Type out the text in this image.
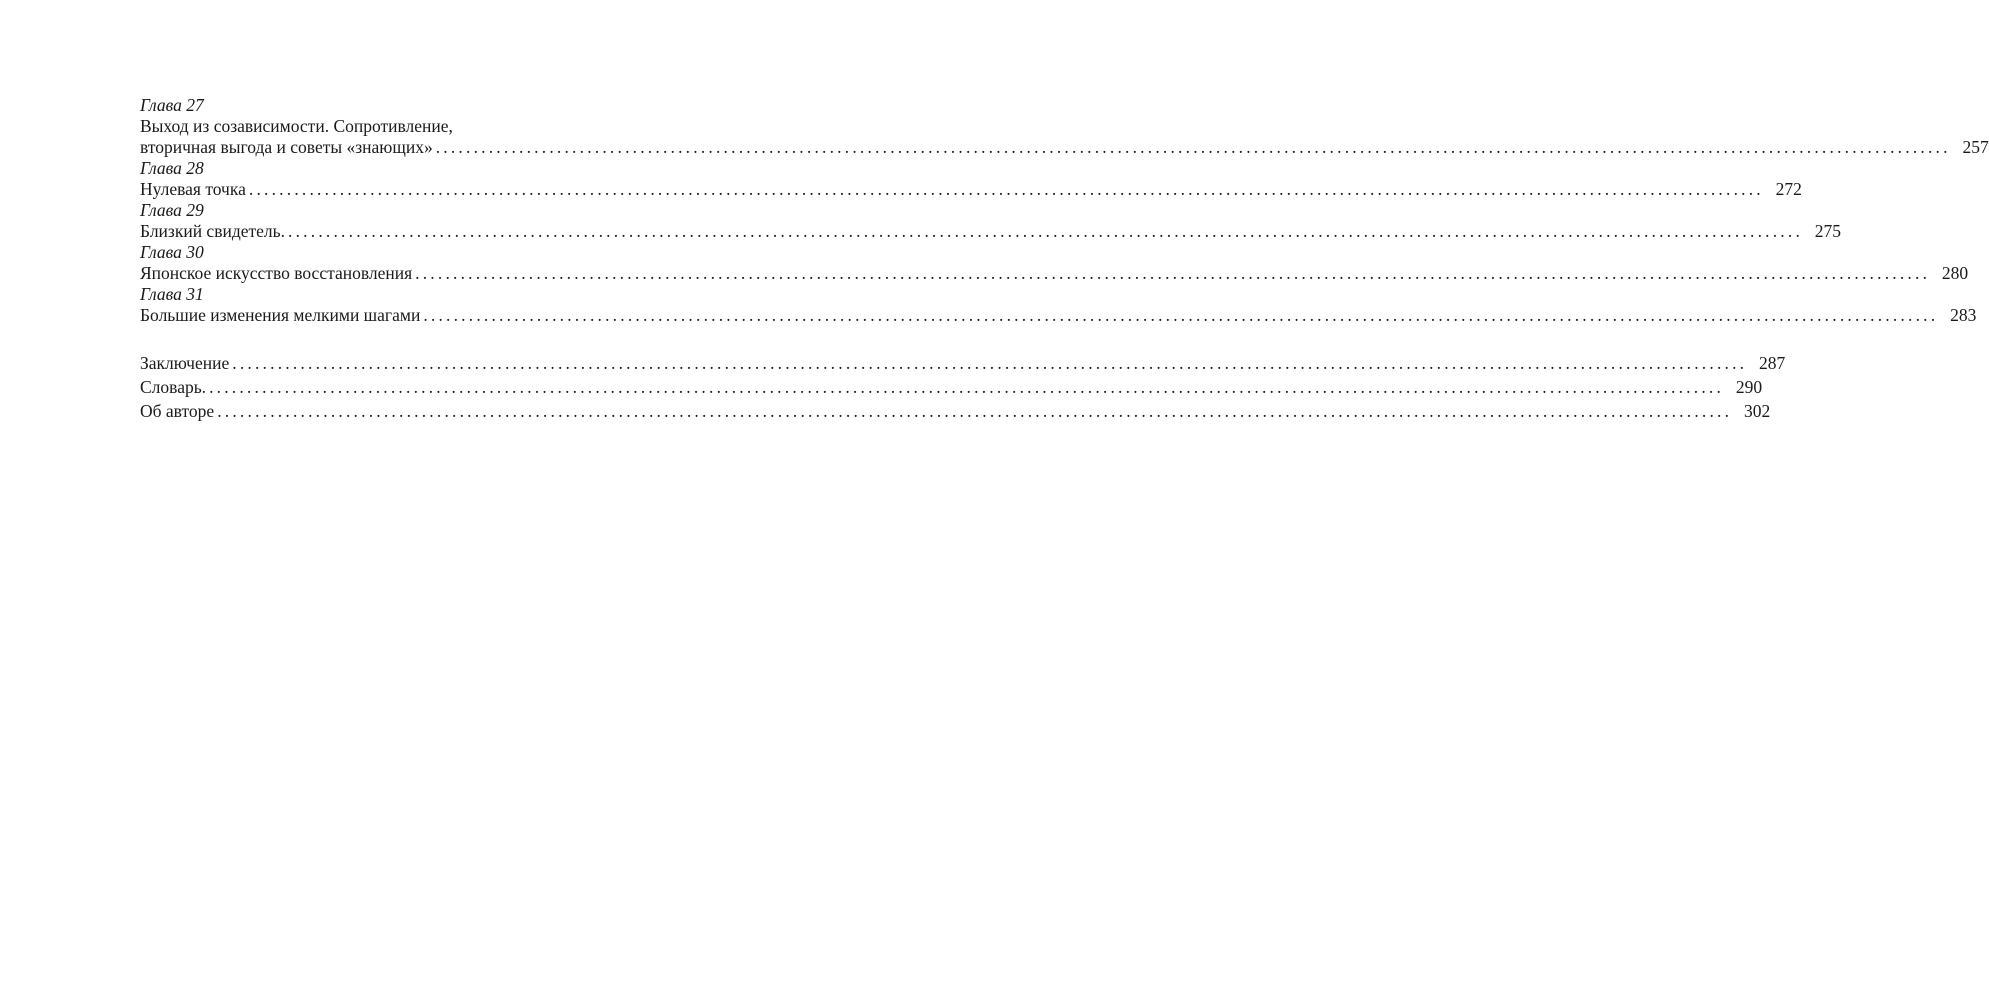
Глава 27
Выход из созависимости. Сопротивление,
вторичная выгода и советы «знающих» ........................................................................................................................................................................................................ 257
Глава 28
Нулевая точка ........................................................................................................................................................................................................ 272
Глава 29
Близкий свидетель. ........................................................................................................................................................................................................ 275
Глава 30
Японское искусство восстановления ........................................................................................................................................................................................................ 280
Глава 31
Большие изменения мелкими шагами ........................................................................................................................................................................................................ 283
Заключение ........................................................................................................................................................................................................ 287
Словарь. ........................................................................................................................................................................................................ 290
Об авторе ........................................................................................................................................................................................................ 302
